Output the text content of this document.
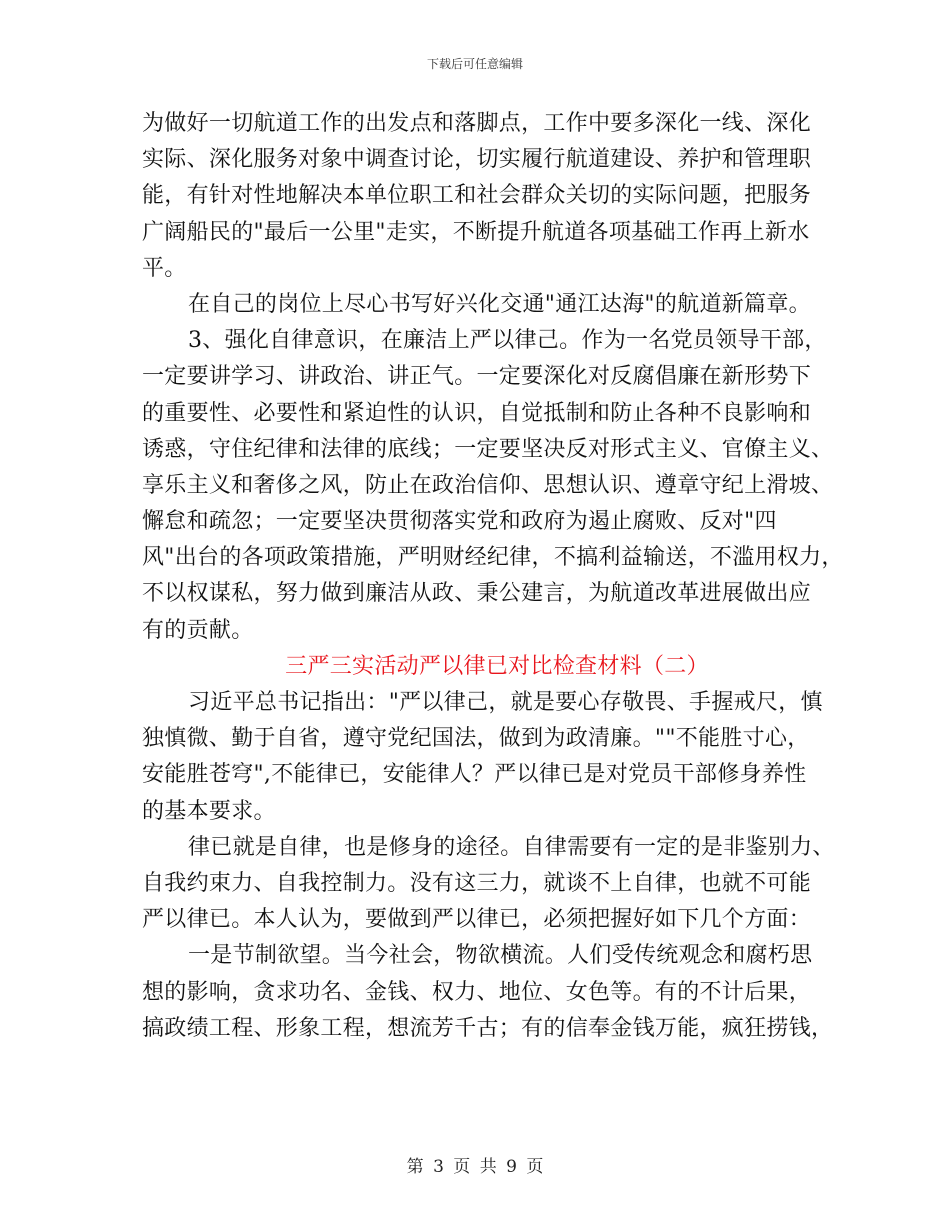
下载后可任意编辑
为做好一切航道工作的出发点和落脚点，工作中要多深化一线、深化
实际、深化服务对象中调查讨论，切实履行航道建设、养护和管理职
能，有针对性地解决本单位职工和社会群众关切的实际问题，把服务
广阔船民的"最后一公里"走实，不断提升航道各项基础工作再上新水
平。
在自己的岗位上尽心书写好兴化交通"通江达海"的航道新篇章。
3、强化自律意识，在廉洁上严以律己。作为一名党员领导干部，
一定要讲学习、讲政治、讲正气。一定要深化对反腐倡廉在新形势下
的重要性、必要性和紧迫性的认识，自觉抵制和防止各种不良影响和
诱惑，守住纪律和法律的底线；一定要坚决反对形式主义、官僚主义、
享乐主义和奢侈之风，防止在政治信仰、思想认识、遵章守纪上滑坡、
懈怠和疏忽；一定要坚决贯彻落实党和政府为遏止腐败、反对"四
风"出台的各项政策措施，严明财经纪律，不搞利益输送，不滥用权力，
不以权谋私，努力做到廉洁从政、秉公建言，为航道改革进展做出应
有的贡献。
三严三实活动严以律已对比检查材料（二）
习近平总书记指出："严以律己，就是要心存敬畏、手握戒尺，慎
独慎微、勤于自省，遵守党纪国法，做到为政清廉。""不能胜寸心，
安能胜苍穹",不能律已，安能律人？严以律已是对党员干部修身养性
的基本要求。
律已就是自律，也是修身的途径。自律需要有一定的是非鉴别力、
自我约束力、自我控制力。没有这三力，就谈不上自律，也就不可能
严以律已。本人认为，要做到严以律已，必须把握好如下几个方面：
一是节制欲望。当今社会，物欲横流。人们受传统观念和腐朽思
想的影响，贪求功名、金钱、权力、地位、女色等。有的不计后果，
搞政绩工程、形象工程，想流芳千古；有的信奉金钱万能，疯狂捞钱，
第 3 页 共 9 页
